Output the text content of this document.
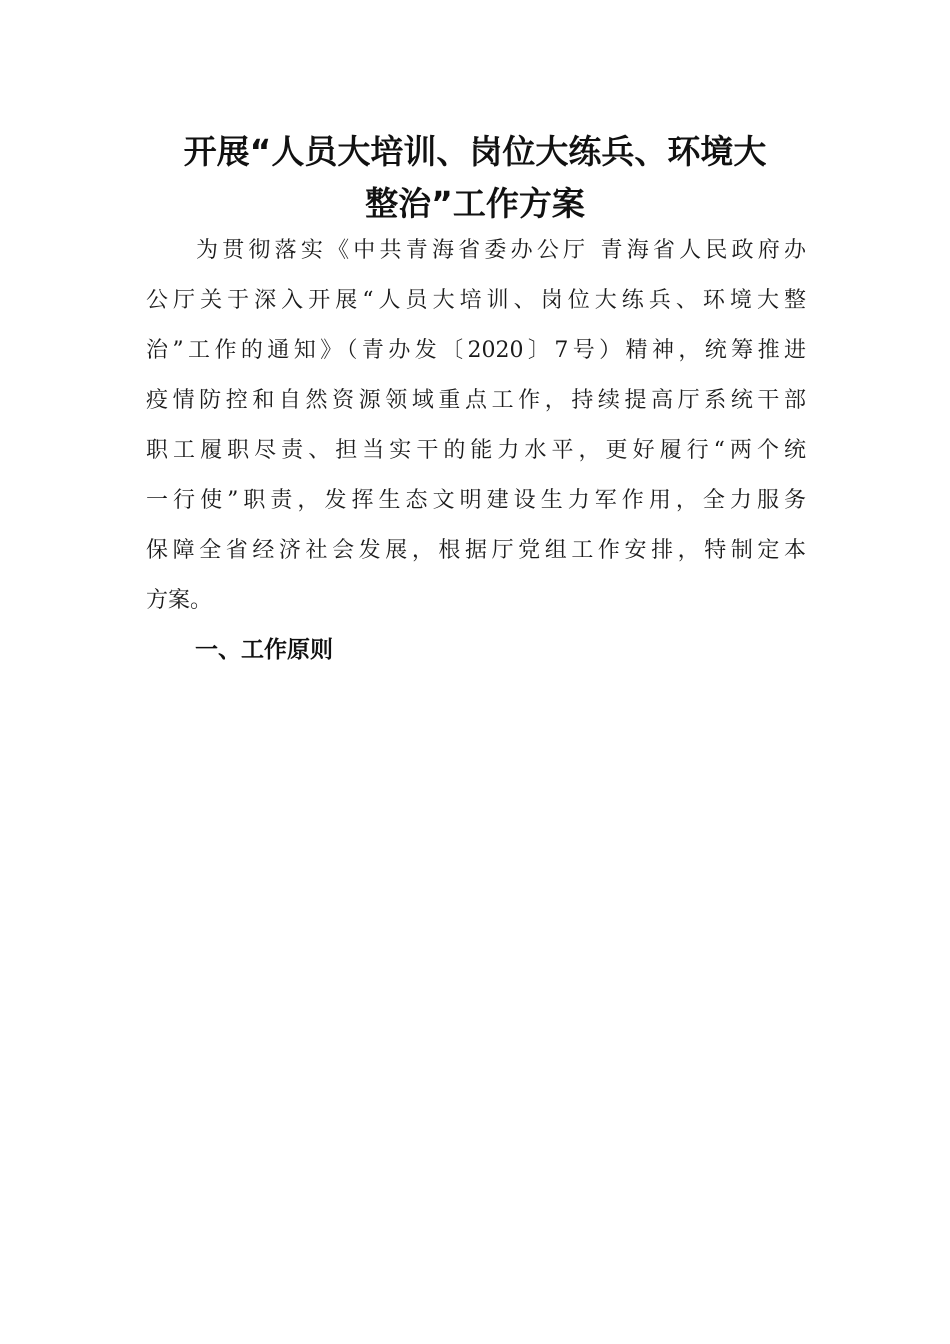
开展“人员大培训、岗位大练兵、环境大
整治”工作方案
为贯彻落实《中共青海省委办公厅 青海省人民政府办
公厅关于深入开展“人员大培训、岗位大练兵、环境大整
治”工作的通知》（青办发〔2020〕7号）精神，统筹推进
疫情防控和自然资源领域重点工作，持续提高厅系统干部
职工履职尽责、担当实干的能力水平，更好履行“两个统
一行使”职责，发挥生态文明建设生力军作用，全力服务
保障全省经济社会发展，根据厅党组工作安排，特制定本
方案。
一、工作原则
